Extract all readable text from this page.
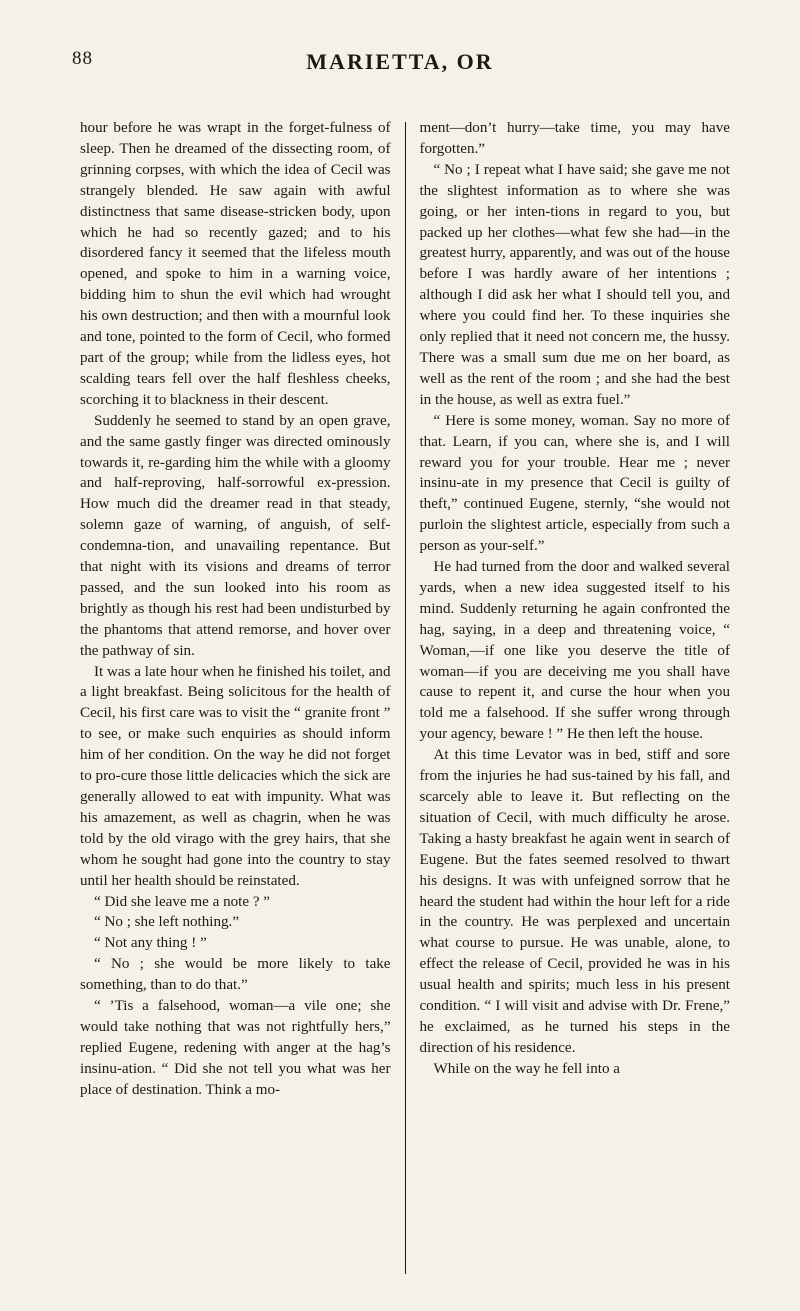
88	MARIETTA, OR

hour before he was wrapt in the forget-fulness of sleep. Then he dreamed of the dissecting room, of grinning corpses, with which the idea of Cecil was strangely blended. He saw again with awful distinctness that same disease-stricken body, upon which he had so recently gazed; and to his disordered fancy it seemed that the lifeless mouth opened, and spoke to him in a warning voice, bidding him to shun the evil which had wrought his own destruction; and then with a mournful look and tone, pointed to the form of Cecil, who formed part of the group; while from the lidless eyes, hot scalding tears fell over the half fleshless cheeks, scorching it to blackness in their descent.

Suddenly he seemed to stand by an open grave, and the same gastly finger was directed ominously towards it, re-garding him the while with a gloomy and half-reproving, half-sorrowful ex-pression. How much did the dreamer read in that steady, solemn gaze of warning, of anguish, of self-condemna-tion, and unavailing repentance. But that night with its visions and dreams of terror passed, and the sun looked into his room as brightly as though his rest had been undisturbed by the phantoms that attend remorse, and hover over the pathway of sin.

It was a late hour when he finished his toilet, and a light breakfast. Being solicitous for the health of Cecil, his first care was to visit the “ granite front ” to see, or make such enquiries as should inform him of her condition. On the way he did not forget to pro-cure those little delicacies which the sick are generally allowed to eat with impunity. What was his amazement, as well as chagrin, when he was told by the old virago with the grey hairs, that she whom he sought had gone into the country to stay until her health should be reinstated.

“ Did she leave me a note ? ”

“ No ; she left nothing.”

“ Not any thing ! ”

“ No ; she would be more likely to take something, than to do that.”

“ ’Tis a falsehood, woman—a vile one; she would take nothing that was not rightfully hers,” replied Eugene, redening with anger at the hag’s insinu-ation. “ Did she not tell you what was her place of destination. Think a mo-

ment—don’t hurry—take time, you may have forgotten.”

“ No ; I repeat what I have said; she gave me not the slightest information as to where she was going, or her inten-tions in regard to you, but packed up her clothes—what few she had—in the greatest hurry, apparently, and was out of the house before I was hardly aware of her intentions ; although I did ask her what I should tell you, and where you could find her. To these inquiries she only replied that it need not concern me, the hussy. There was a small sum due me on her board, as well as the rent of the room ; and she had the best in the house, as well as extra fuel.”

“ Here is some money, woman. Say no more of that. Learn, if you can, where she is, and I will reward you for your trouble. Hear me ; never insinu-ate in my presence that Cecil is guilty of theft,” continued Eugene, sternly, “she would not purloin the slightest article, especially from such a person as your-self.”

He had turned from the door and walked several yards, when a new idea suggested itself to his mind. Suddenly returning he again confronted the hag, saying, in a deep and threatening voice, “ Woman,—if one like you deserve the title of woman—if you are deceiving me you shall have cause to repent it, and curse the hour when you told me a falsehood. If she suffer wrong through your agency, beware ! ” He then left the house.

At this time Levator was in bed, stiff and sore from the injuries he had sus-tained by his fall, and scarcely able to leave it. But reflecting on the situation of Cecil, with much difficulty he arose. Taking a hasty breakfast he again went in search of Eugene. But the fates seemed resolved to thwart his designs. It was with unfeigned sorrow that he heard the student had within the hour left for a ride in the country. He was perplexed and uncertain what course to pursue. He was unable, alone, to effect the release of Cecil, provided he was in his usual health and spirits; much less in his present condition. “ I will visit and advise with Dr. Frene,” he exclaimed, as he turned his steps in the direction of his residence.

While on the way he fell into a
